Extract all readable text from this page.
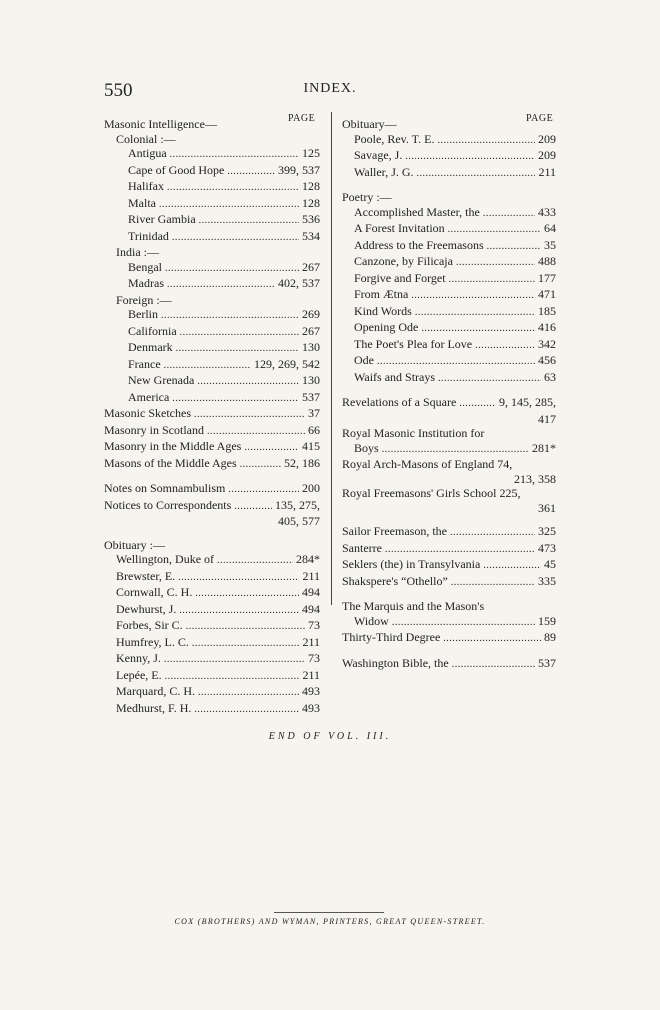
550	INDEX.
PAGE	PAGE
Masonic Intelligence—
Colonial :—
Antigua . . .	125
Cape of Good Hope . . .	399, 537
Halifax . . .	128
Malta . . .	128
River Gambia . . .	536
Trinidad . . .	534
India :—
Bengal . . .	267
Madras . . .	402, 537
Foreign :—
Berlin . . .	269
California . . .	267
Denmark . . .	130
France . . .	129, 269, 542
New Grenada . . .	130
America . . .	537
Masonic Sketches . . .	37
Masonry in Scotland . . .	66
Masonry in the Middle Ages . . .	415
Masons of the Middle Ages . . .	52, 186
Notes on Somnambulism . . .	200
Notices to Correspondents . . .	135, 275,
405, 577
Obituary :—
Wellington, Duke of . . .	284*
Brewster, E. . . .	211
Cornwall, C. H. . . .	494
Dewhurst, J. . . .	494
Forbes, Sir C. . . .	73
Humfrey, L. C. . . .	211
Kenny, J. . . .	73
Lepée, E. . . .	211
Marquard, C. H. . . .	493
Medhurst, F. H. . . .	493
Obituary—
Poole, Rev. T. E. . . .	209
Savage, J. . . .	209
Waller, J. G. . . .	211
Poetry :—
Accomplished Master, the . . .	433
A Forest Invitation . . .	64
Address to the Freemasons . . .	35
Canzone, by Filicaja . . .	488
Forgive and Forget . . .	177
From Ætna . . .	471
Kind Words . . .	185
Opening Ode . . .	416
The Poet's Plea for Love . . .	342
Ode . . .	456
Waifs and Strays . . .	63
Revelations of a Square . . .	9, 145, 285,
417
Royal Masonic Institution for
Boys . . .	281*
Royal Arch-Masons of England 74,
213, 358
Royal Freemasons' Girls School 225,
361
Sailor Freemason, the . . .	325
Santerre . . .	473
Seklers (the) in Transylvania . . .	45
Shakspere's “Othello” . . .	335
The Marquis and the Mason's
Widow . . .	159
Thirty-Third Degree . . .	89
Washington Bible, the . . .	537
END OF VOL. III.
COX (BROTHERS) AND WYMAN, PRINTERS, GREAT QUEEN-STREET.
